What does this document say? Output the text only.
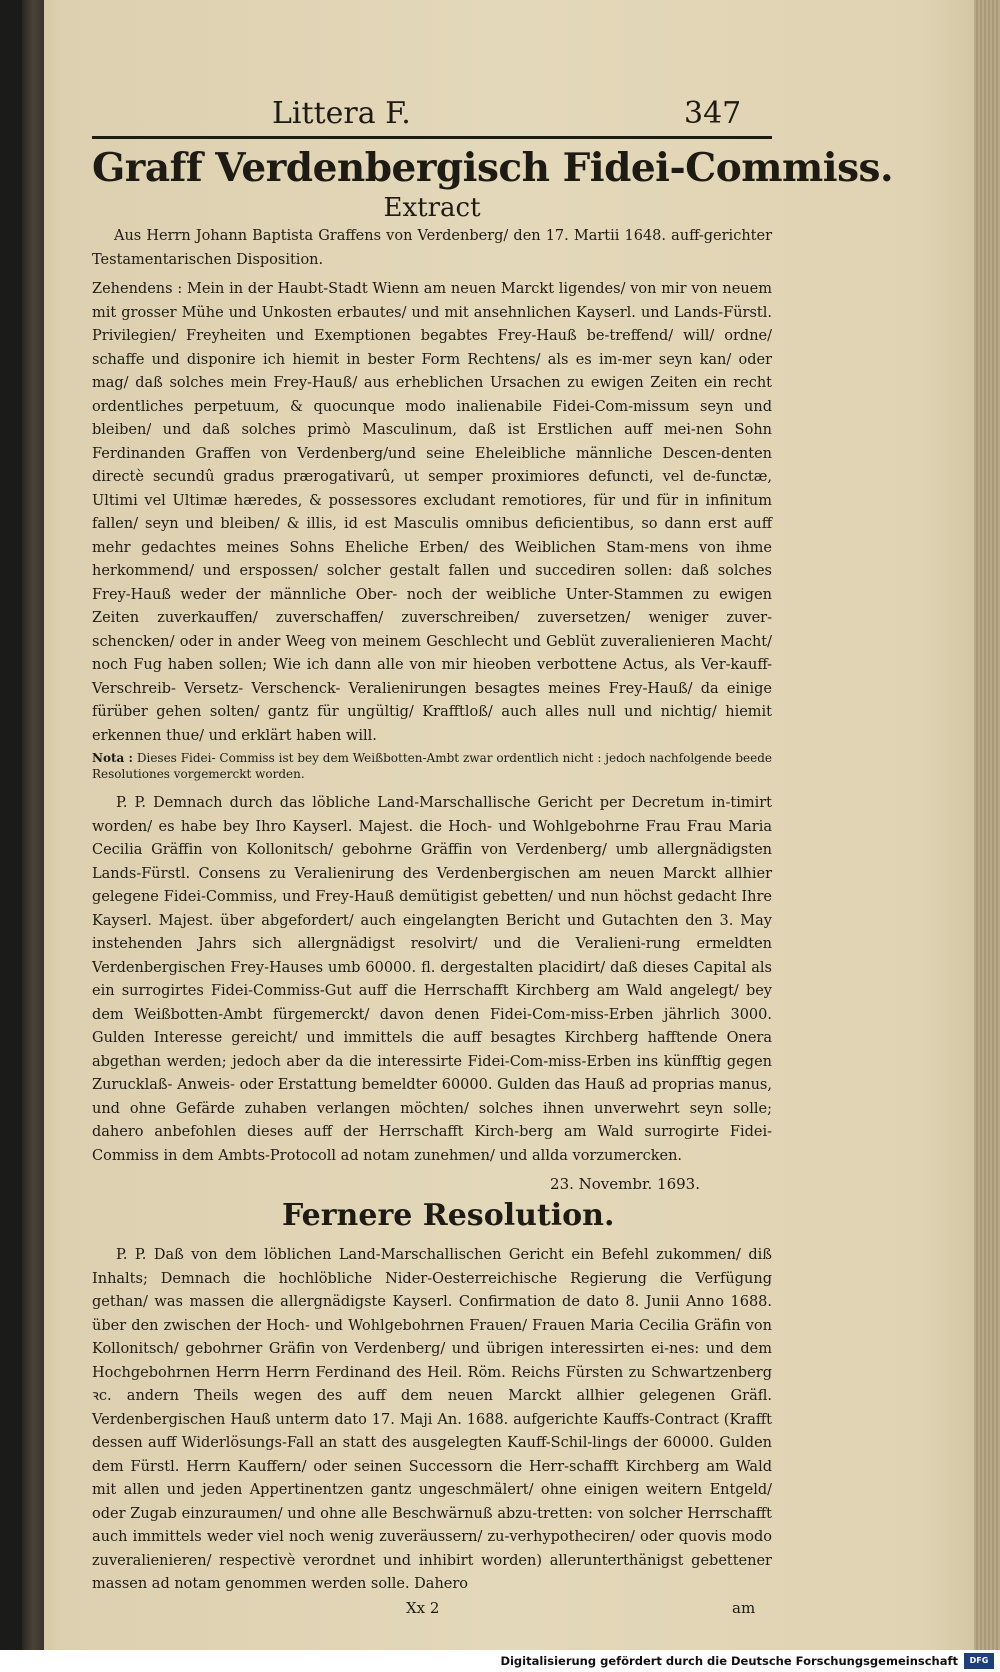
Littera F.	347
Graff Verdenbergisch Fidei-Commiss.
Extract

Aus Herrn Johann Baptista Graffens von Verdenberg/ den 17. Martii 1648. auff-gerichter Testamentarischen Disposition.

Zehendens : Mein in der Haubt-Stadt Wienn am neuen Marckt ligendes/ von mir von neuem mit grosser Mühe und Unkosten erbautes/ und mit ansehnlichen Kayserl. und Lands-Fürstl. Privilegien/ Freyheiten und Exemptionen begabtes Frey-Hauß be-treffend/ will/ ordne/ schaffe und disponire ich hiemit in bester Form Rechtens/ als es im-mer seyn kan/ oder mag/ daß solches mein Frey-Hauß/ aus erheblichen Ursachen zu ewigen Zeiten ein recht ordentliches perpetuum, & quocunque modo inalienabile Fidei-Com-missum seyn und bleiben/ und daß solches primò Masculinum, daß ist Erstlichen auff mei-nen Sohn Ferdinanden Graffen von Verdenberg/und seine Eheleibliche männliche Descen-denten directè secundû gradus prærogativarû, ut semper proximiores defuncti, vel de-functæ, Ultimi vel Ultimæ hæredes, & possessores excludant remotiores, für und für in infinitum fallen/ seyn und bleiben/ & illis, id est Masculis omnibus deficientibus, so dann erst auff mehr gedachtes meines Sohns Eheliche Erben/ des Weiblichen Stam-mens von ihme herkommend/ und erspossen/ solcher gestalt fallen und succediren sollen: daß solches Frey-Hauß weder der männliche Ober- noch der weibliche Unter-Stammen zu ewigen Zeiten zuverkauffen/ zuverschaffen/ zuverschreiben/ zuversetzen/ weniger zuver-schencken/ oder in ander Weeg von meinem Geschlecht und Geblüt zuveralienieren Macht/ noch Fug haben sollen; Wie ich dann alle von mir hieoben verbottene Actus, als Ver-kauff- Verschreib- Versetz- Verschenck- Veralienirungen besagtes meines Frey-Hauß/ da einige fürüber gehen solten/ gantz für ungültig/ Krafftloß/ auch alles null und nichtig/ hiemit erkennen thue/ und erklärt haben will.

Nota : Dieses Fidei- Commiss ist bey dem Weißbotten-Ambt zwar ordentlich nicht : jedoch nachfolgende beede Resolutiones vorgemerckt worden.

P. P. Demnach durch das löbliche Land-Marschallische Gericht per Decretum in-timirt worden/ es habe bey Ihro Kayserl. Majest. die Hoch- und Wohlgebohrne Frau Frau Maria Cecilia Gräffin von Kollonitsch/ gebohrne Gräffin von Verdenberg/ umb allergnädigsten Lands-Fürstl. Consens zu Veralienirung des Verdenbergischen am neuen Marckt allhier gelegene Fidei-Commiss, und Frey-Hauß demütigist gebetten/ und nun höchst gedacht Ihre Kayserl. Majest. über abgefordert/ auch eingelangten Bericht und Gutachten den 3. May instehenden Jahrs sich allergnädigst resolvirt/ und die Veralieni-rung ermeldten Verdenbergischen Frey-Hauses umb 60000. fl. dergestalten placidirt/ daß dieses Capital als ein surrogirtes Fidei-Commiss-Gut auff die Herrschafft Kirchberg am Wald angelegt/ bey dem Weißbotten-Ambt fürgemerckt/ davon denen Fidei-Com-miss-Erben jährlich 3000. Gulden Interesse gereicht/ und immittels die auff besagtes Kirchberg hafftende Onera abgethan werden; jedoch aber da die interessirte Fidei-Com-miss-Erben ins künfftig gegen Zurucklaß- Anweis- oder Erstattung bemeldter 60000. Gulden das Hauß ad proprias manus, und ohne Gefärde zuhaben verlangen möchten/ solches ihnen unverwehrt seyn solle; dahero anbefohlen dieses auff der Herrschafft Kirch-berg am Wald surrogirte Fidei- Commiss in dem Ambts-Protocoll ad notam zunehmen/ und allda vorzumercken.

23. Novembr. 1693.
Fernere Resolution.

P. P. Daß von dem löblichen Land-Marschallischen Gericht ein Befehl zukommen/ diß Inhalts; Demnach die hochlöbliche Nider-Oesterreichische Regierung die Verfügung gethan/ was massen die allergnädigste Kayserl. Confirmation de dato 8. Junii Anno 1688. über den zwischen der Hoch- und Wohlgebohrnen Frauen/ Frauen Maria Cecilia Gräfin von Kollonitsch/ gebohrner Gräfin von Verdenberg/ und übrigen interessirten ei-nes: und dem Hochgebohrnen Herrn Herrn Ferdinand des Heil. Röm. Reichs Fürsten zu Schwartzenberg ꝛc. andern Theils wegen des auff dem neuen Marckt allhier gelegenen Gräfl. Verdenbergischen Hauß unterm dato 17. Maji An. 1688. aufgerichte Kauffs-Contract (Krafft dessen auff Widerlösungs-Fall an statt des ausgelegten Kauff-Schil-lings der 60000. Gulden dem Fürstl. Herrn Kauffern/ oder seinen Successorn die Herr-schafft Kirchberg am Wald mit allen und jeden Appertinentzen gantz ungeschmälert/ ohne einigen weitern Entgeld/ oder Zugab einzuraumen/ und ohne alle Beschwärnuß abzu-tretten: von solcher Herrschafft auch immittels weder viel noch wenig zuveräussern/ zu-verhypotheciren/ oder quovis modo zuveralienieren/ respectivè verordnet und inhibirt worden) allerunterthänigst gebettener massen ad notam genommen werden solle. Dahero

Xx 2	am
Digitalisierung gefördert durch die Deutsche Forschungsgemeinschaft	DFG
